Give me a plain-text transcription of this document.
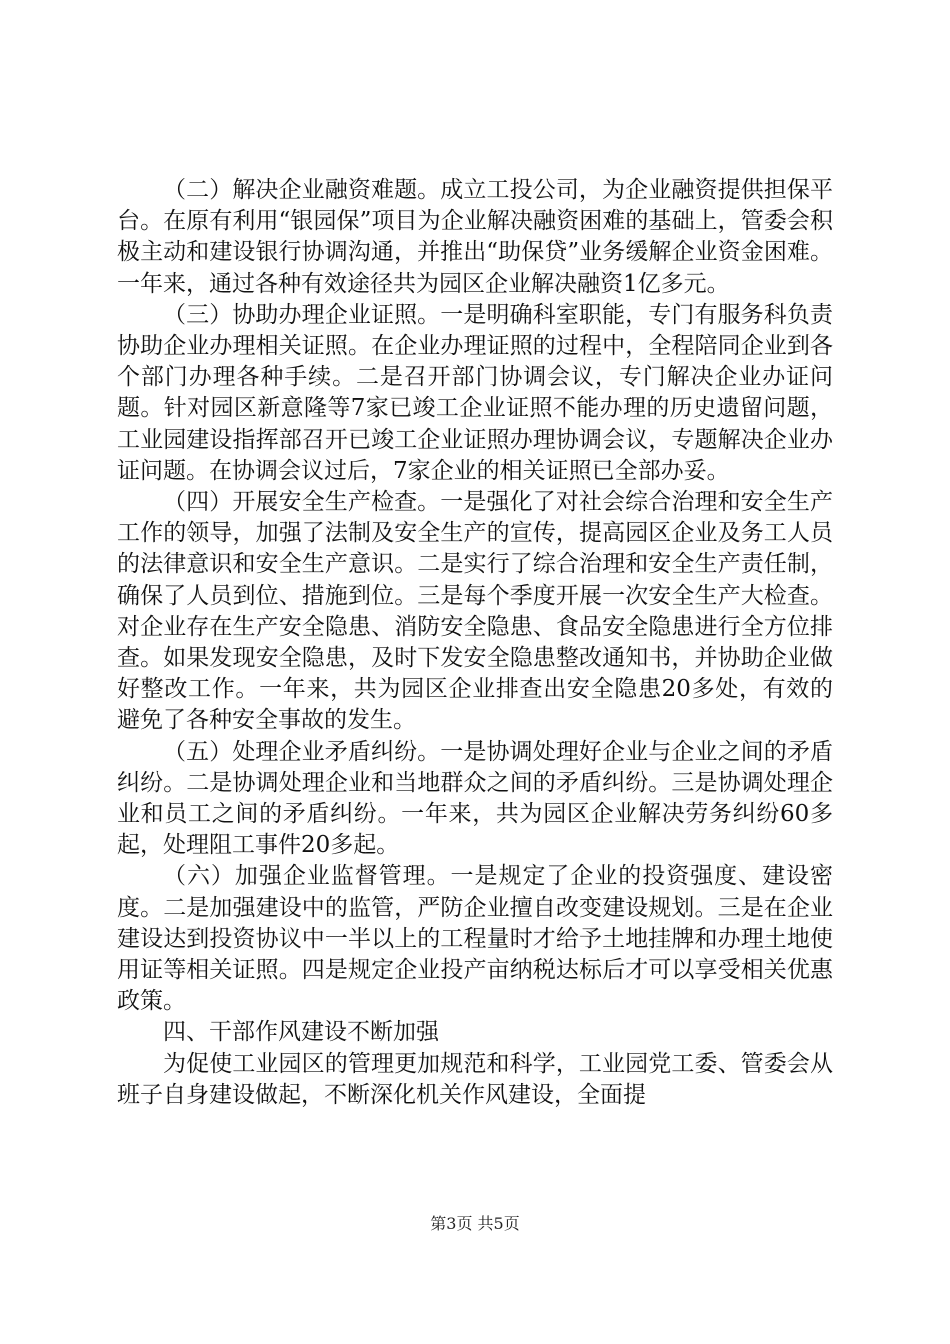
（二）解决企业融资难题。成立工投公司，为企业融资提供担保平台。在原有利用“银园保”项目为企业解决融资困难的基础上，管委会积极主动和建设银行协调沟通，并推出“助保贷”业务缓解企业资金困难。一年来，通过各种有效途径共为园区企业解决融资1亿多元。

（三）协助办理企业证照。一是明确科室职能，专门有服务科负责协助企业办理相关证照。在企业办理证照的过程中，全程陪同企业到各个部门办理各种手续。二是召开部门协调会议，专门解决企业办证问题。针对园区新意隆等7家已竣工企业证照不能办理的历史遗留问题，工业园建设指挥部召开已竣工企业证照办理协调会议，专题解决企业办证问题。在协调会议过后，7家企业的相关证照已全部办妥。

（四）开展安全生产检查。一是强化了对社会综合治理和安全生产工作的领导，加强了法制及安全生产的宣传，提高园区企业及务工人员的法律意识和安全生产意识。二是实行了综合治理和安全生产责任制，确保了人员到位、措施到位。三是每个季度开展一次安全生产大检查。对企业存在生产安全隐患、消防安全隐患、食品安全隐患进行全方位排查。如果发现安全隐患，及时下发安全隐患整改通知书，并协助企业做好整改工作。一年来，共为园区企业排查出安全隐患20多处，有效的避免了各种安全事故的发生。

（五）处理企业矛盾纠纷。一是协调处理好企业与企业之间的矛盾纠纷。二是协调处理企业和当地群众之间的矛盾纠纷。三是协调处理企业和员工之间的矛盾纠纷。一年来，共为园区企业解决劳务纠纷60多起，处理阻工事件20多起。

（六）加强企业监督管理。一是规定了企业的投资强度、建设密度。二是加强建设中的监管，严防企业擅自改变建设规划。三是在企业建设达到投资协议中一半以上的工程量时才给予土地挂牌和办理土地使用证等相关证照。四是规定企业投产亩纳税达标后才可以享受相关优惠政策。

四、干部作风建设不断加强

为促使工业园区的管理更加规范和科学，工业园党工委、管委会从班子自身建设做起，不断深化机关作风建设，全面提

第3页 共5页
